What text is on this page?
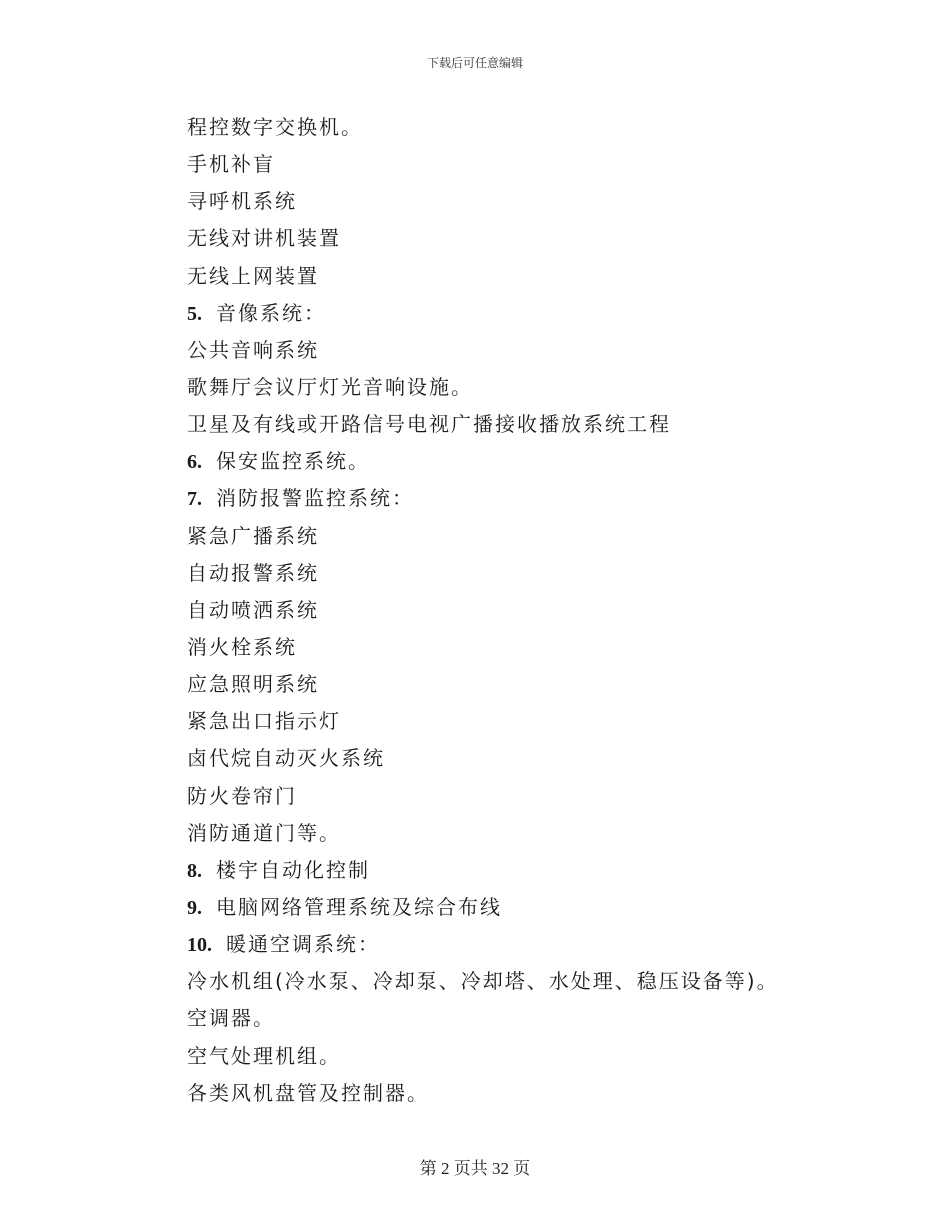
下载后可任意编辑
程控数字交换机。
手机补盲
寻呼机系统
无线对讲机装置
无线上网装置
5. 音像系统：
公共音响系统
歌舞厅会议厅灯光音响设施。
卫星及有线或开路信号电视广播接收播放系统工程
6. 保安监控系统。
7. 消防报警监控系统：
紧急广播系统
自动报警系统
自动喷洒系统
消火栓系统
应急照明系统
紧急出口指示灯
卤代烷自动灭火系统
防火卷帘门
消防通道门等。
8. 楼宇自动化控制
9. 电脑网络管理系统及综合布线
10. 暖通空调系统：
冷水机组(冷水泵、冷却泵、冷却塔、水处理、稳压设备等)。
空调器。
空气处理机组。
各类风机盘管及控制器。
第 2 页共 32 页
